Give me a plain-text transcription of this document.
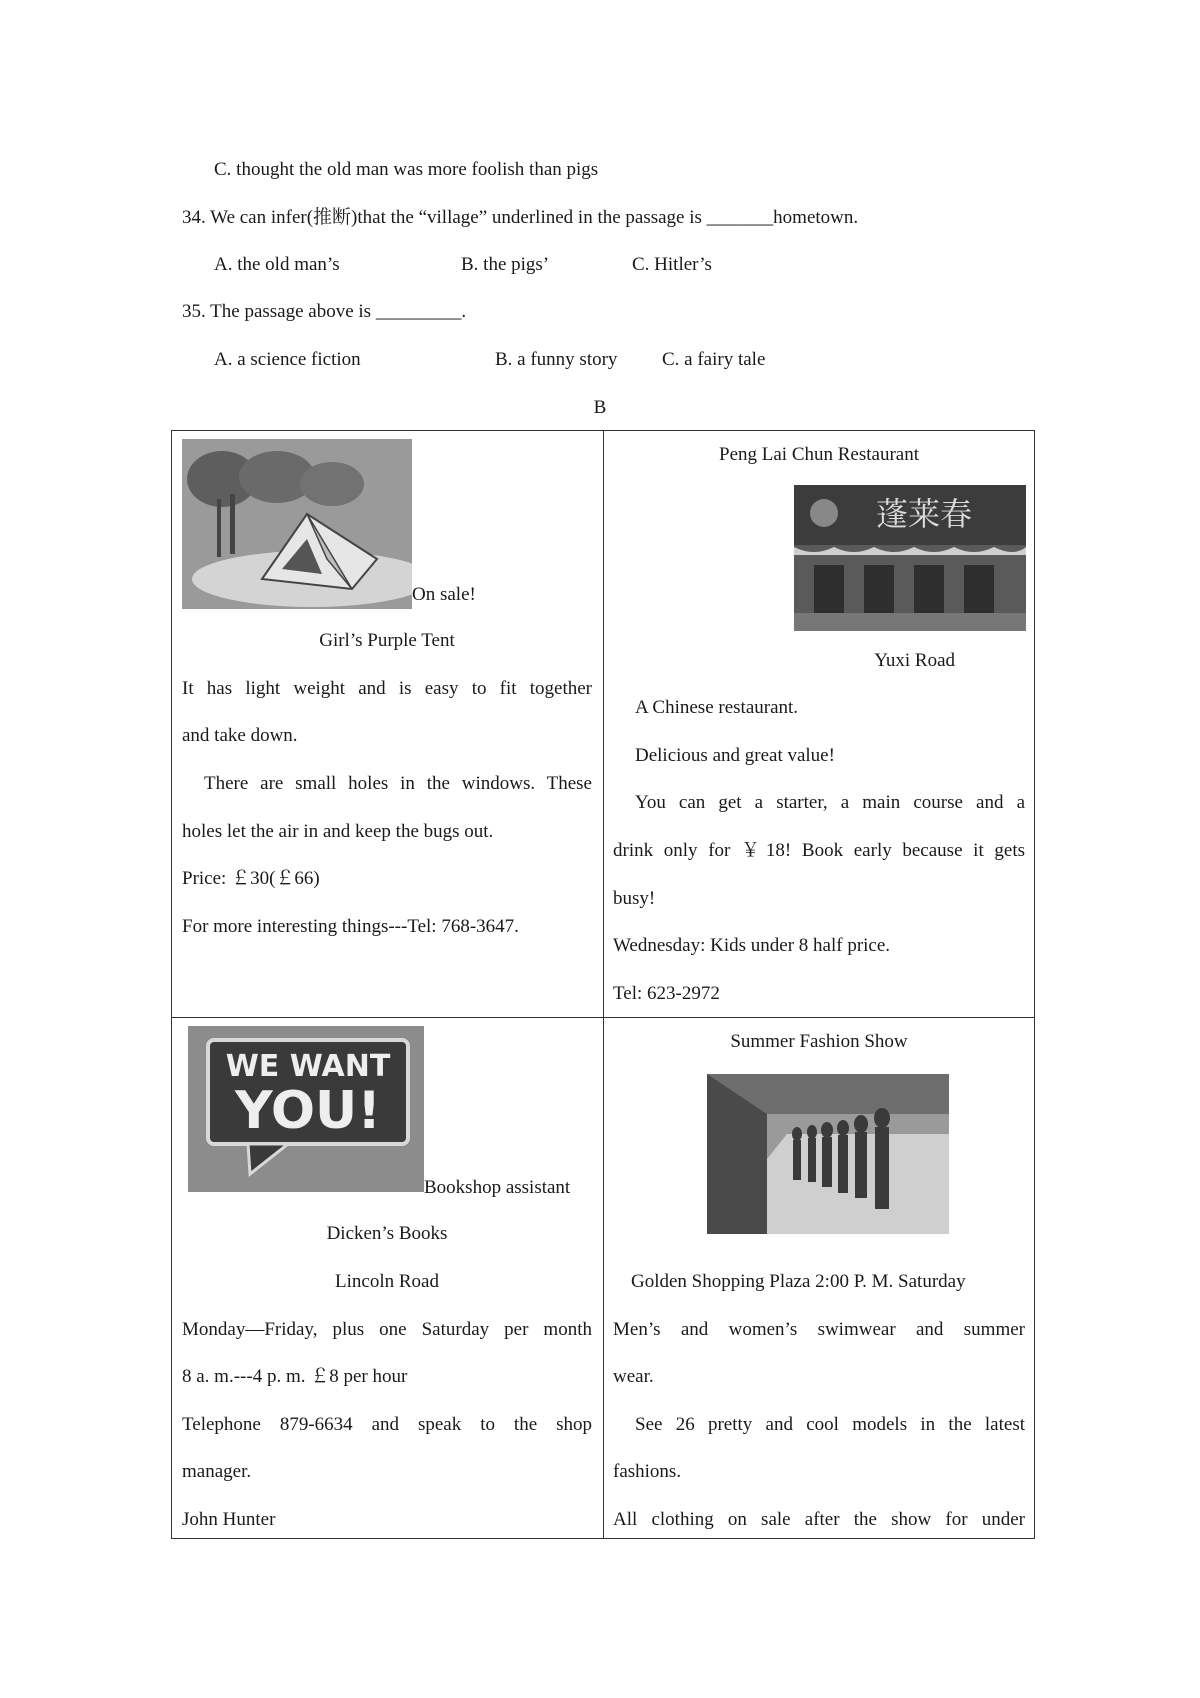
C. thought the old man was more foolish than pigs
34. We can infer(推断)that the “village” underlined in the passage is _______hometown.
A. the old man’s	B. the pigs’	C. Hitler’s
35. The passage above is _________.
A. a science fiction	B. a funny story C. a fairy tale
B
On sale!
Girl’s Purple Tent
It has light weight and is easy to fit together
and take down.
There are small holes in the windows. These
holes let the air in and keep the bugs out.
Price: ￡30(￡66)
For more interesting things---Tel: 768-3647.
Peng Lai Chun Restaurant
蓬莱春
Yuxi Road
A Chinese restaurant.
Delicious and great value!
You can get a starter, a main course and a
drink only for ￥18! Book early because it gets
busy!
Wednesday: Kids under 8 half price.
Tel: 623-2972
WE WANT
YOU!
Bookshop assistant
Dicken’s Books
Lincoln Road
Monday—Friday, plus one Saturday per month
8 a. m.---4 p. m. ￡8 per hour
Telephone 879-6634 and speak to the shop
manager.
John Hunter
Summer Fashion Show
Golden Shopping Plaza 2:00 P. M. Saturday
Men’s and women’s swimwear and summer
wear.
See 26 pretty and cool models in the latest
fashions.
All clothing on sale after the show for under
